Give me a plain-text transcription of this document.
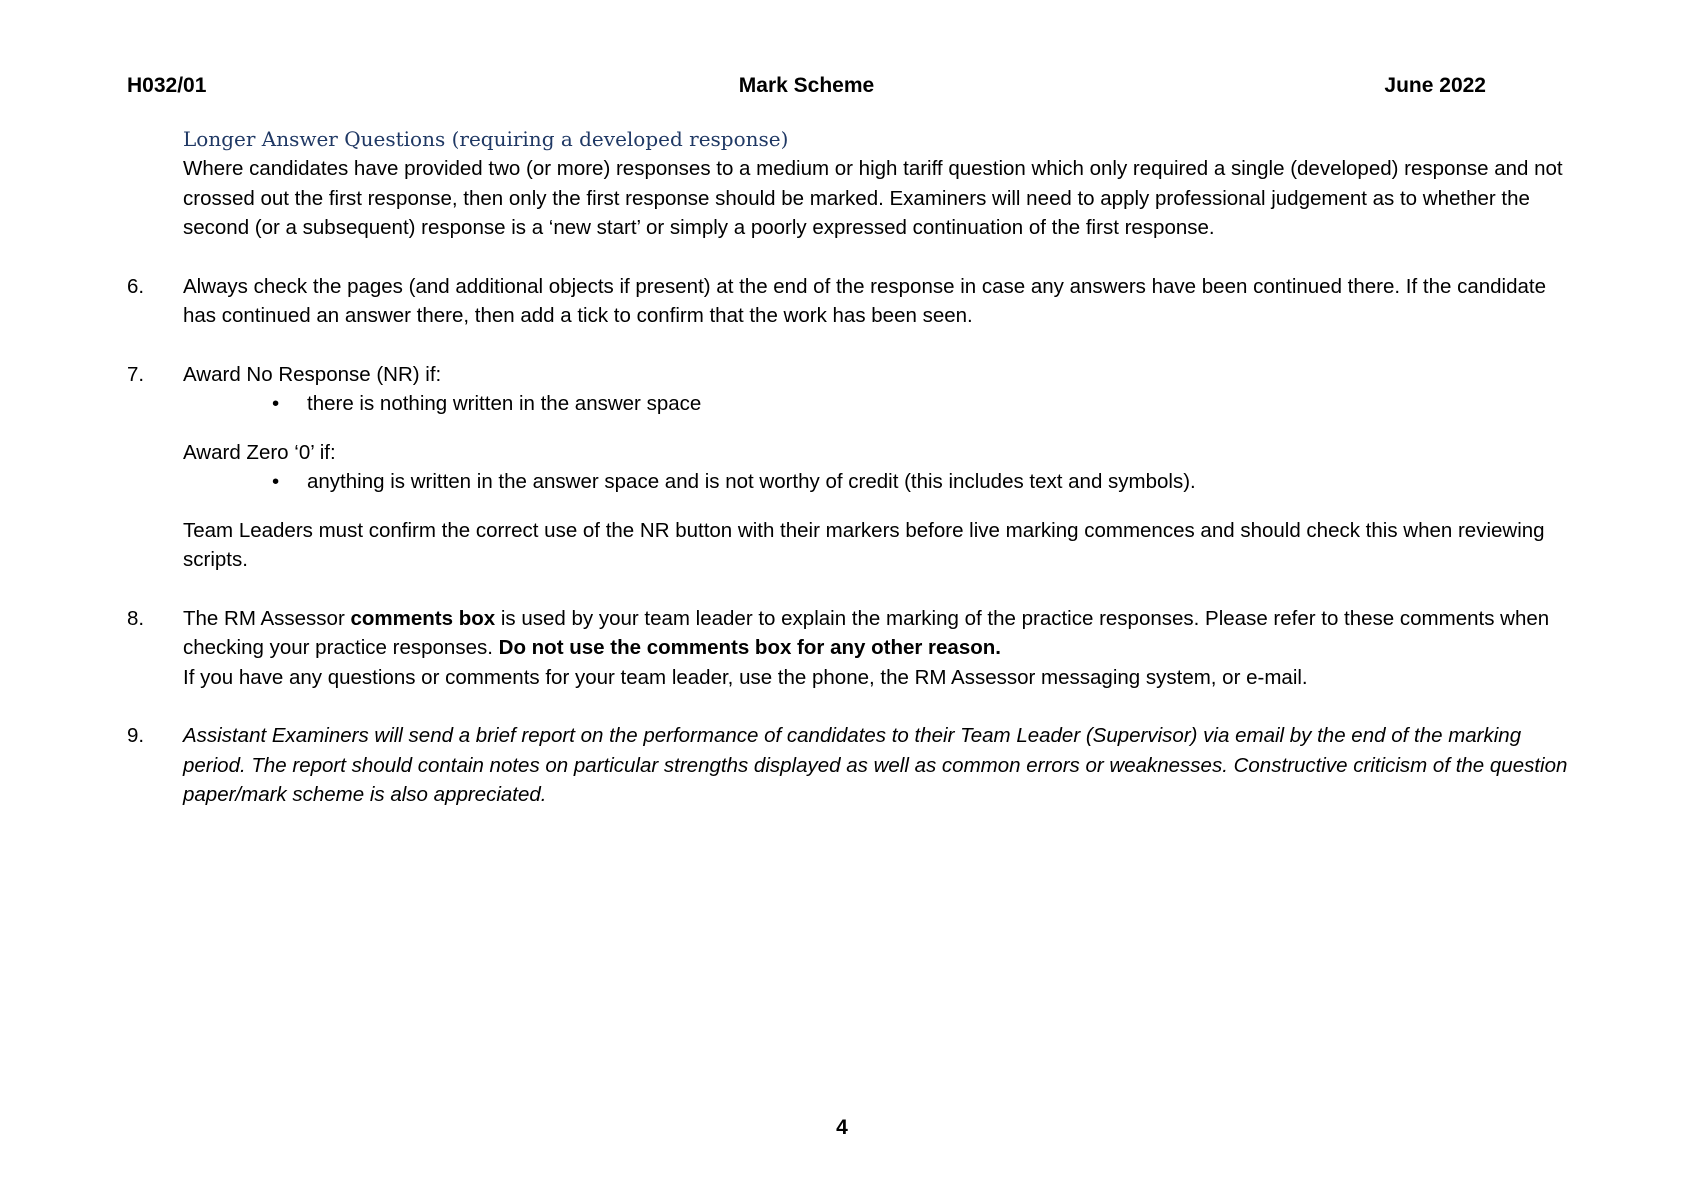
H032/01	Mark Scheme	June 2022
Longer Answer Questions (requiring a developed response)
Where candidates have provided two (or more) responses to a medium or high tariff question which only required a single (developed) response and not crossed out the first response, then only the first response should be marked. Examiners will need to apply professional judgement as to whether the second (or a subsequent) response is a ‘new start’ or simply a poorly expressed continuation of the first response.
6. Always check the pages (and additional objects if present) at the end of the response in case any answers have been continued there. If the candidate has continued an answer there, then add a tick to confirm that the work has been seen.
7. Award No Response (NR) if:
• there is nothing written in the answer space
Award Zero ‘0’ if:
• anything is written in the answer space and is not worthy of credit (this includes text and symbols).
Team Leaders must confirm the correct use of the NR button with their markers before live marking commences and should check this when reviewing scripts.
8. The RM Assessor comments box is used by your team leader to explain the marking of the practice responses. Please refer to these comments when checking your practice responses. Do not use the comments box for any other reason.
If you have any questions or comments for your team leader, use the phone, the RM Assessor messaging system, or e-mail.
9. Assistant Examiners will send a brief report on the performance of candidates to their Team Leader (Supervisor) via email by the end of the marking period. The report should contain notes on particular strengths displayed as well as common errors or weaknesses. Constructive criticism of the question paper/mark scheme is also appreciated.
4
